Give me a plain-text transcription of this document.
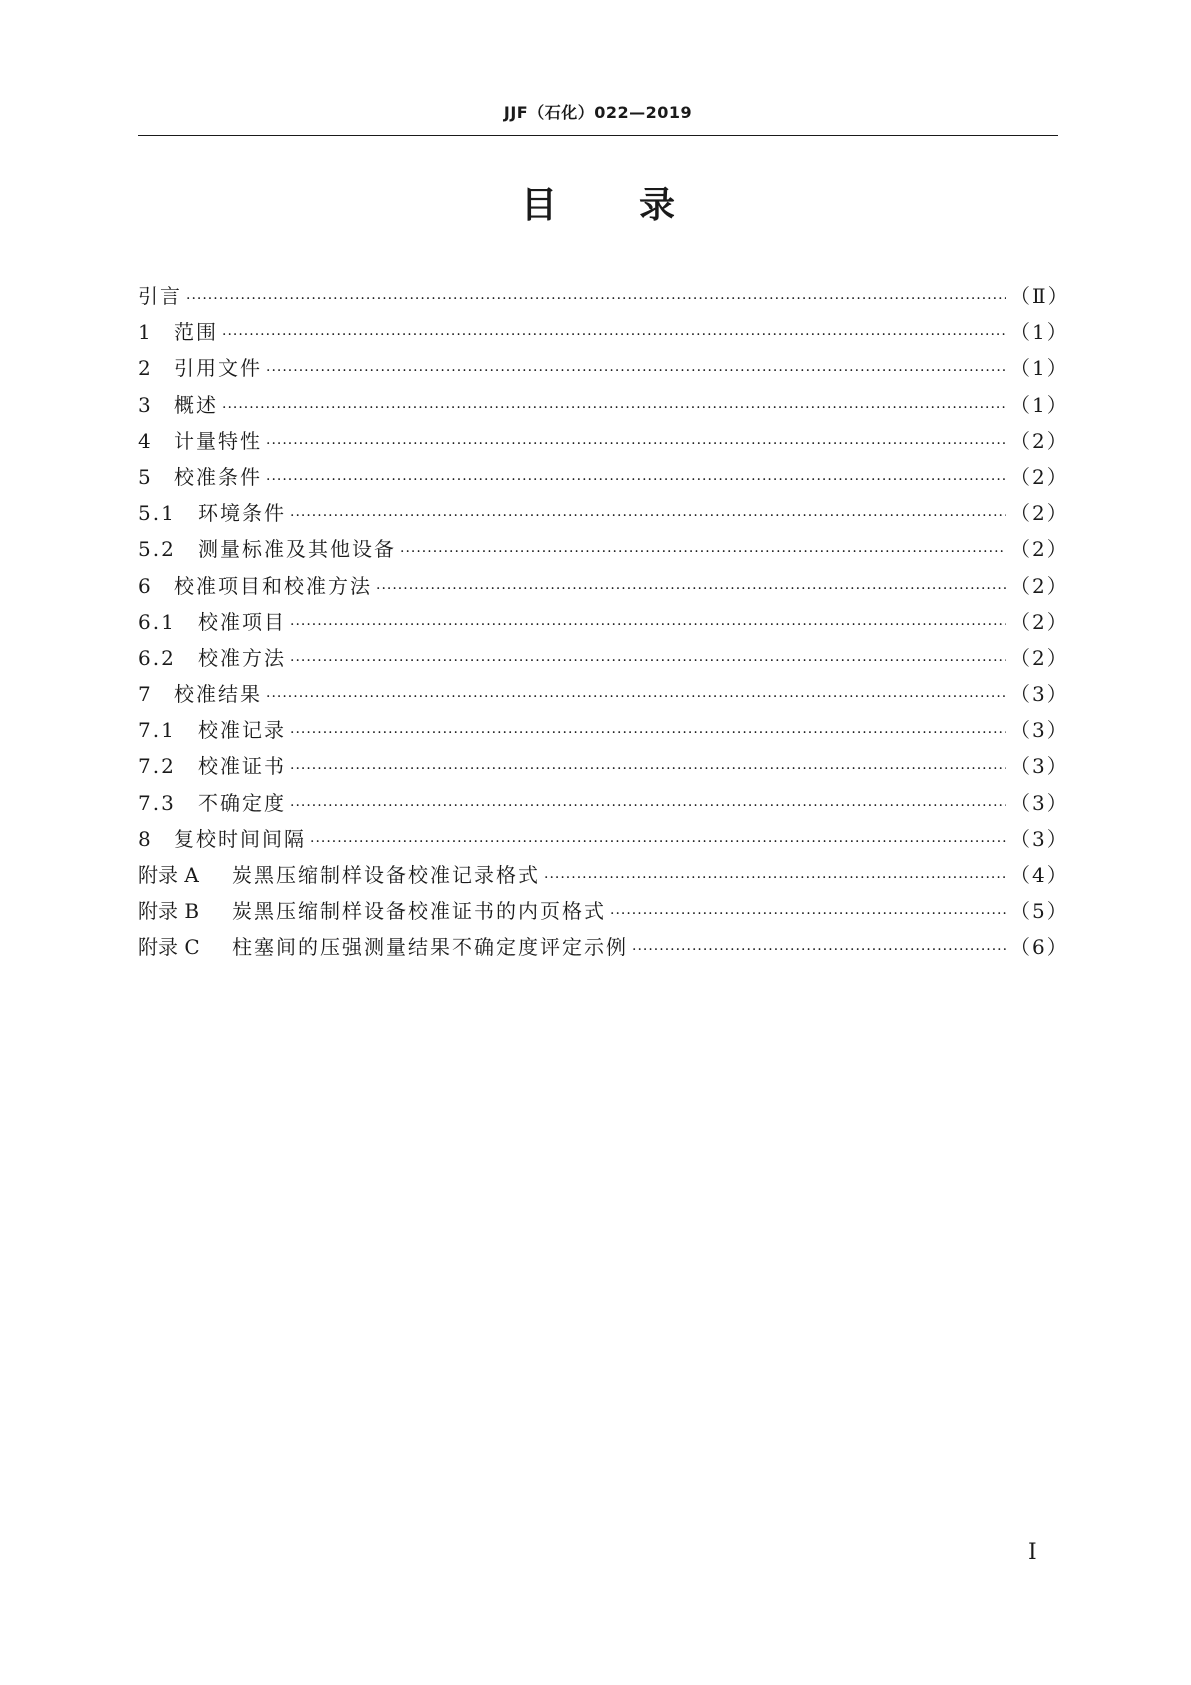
JJF（石化）022—2019
目录
引言 ·····	（Ⅱ）
1	范围 ·····	（1）
2	引用文件 ·····	（1）
3	概述 ·····	（1）
4	计量特性 ·····	（2）
5	校准条件 ·····	（2）
5.1	环境条件 ·····	（2）
5.2	测量标准及其他设备 ·····	（2）
6	校准项目和校准方法 ·····	（2）
6.1	校准项目 ·····	（2）
6.2	校准方法 ·····	（2）
7	校准结果 ·····	（3）
7.1	校准记录 ·····	（3）
7.2	校准证书 ·····	（3）
7.3	不确定度 ·····	（3）
8	复校时间间隔 ·····	（3）
附录 A	炭黑压缩制样设备校准记录格式 ·····	（4）
附录 B	炭黑压缩制样设备校准证书的内页格式 ·····	（5）
附录 C	柱塞间的压强测量结果不确定度评定示例 ·····	（6）
Ⅰ
